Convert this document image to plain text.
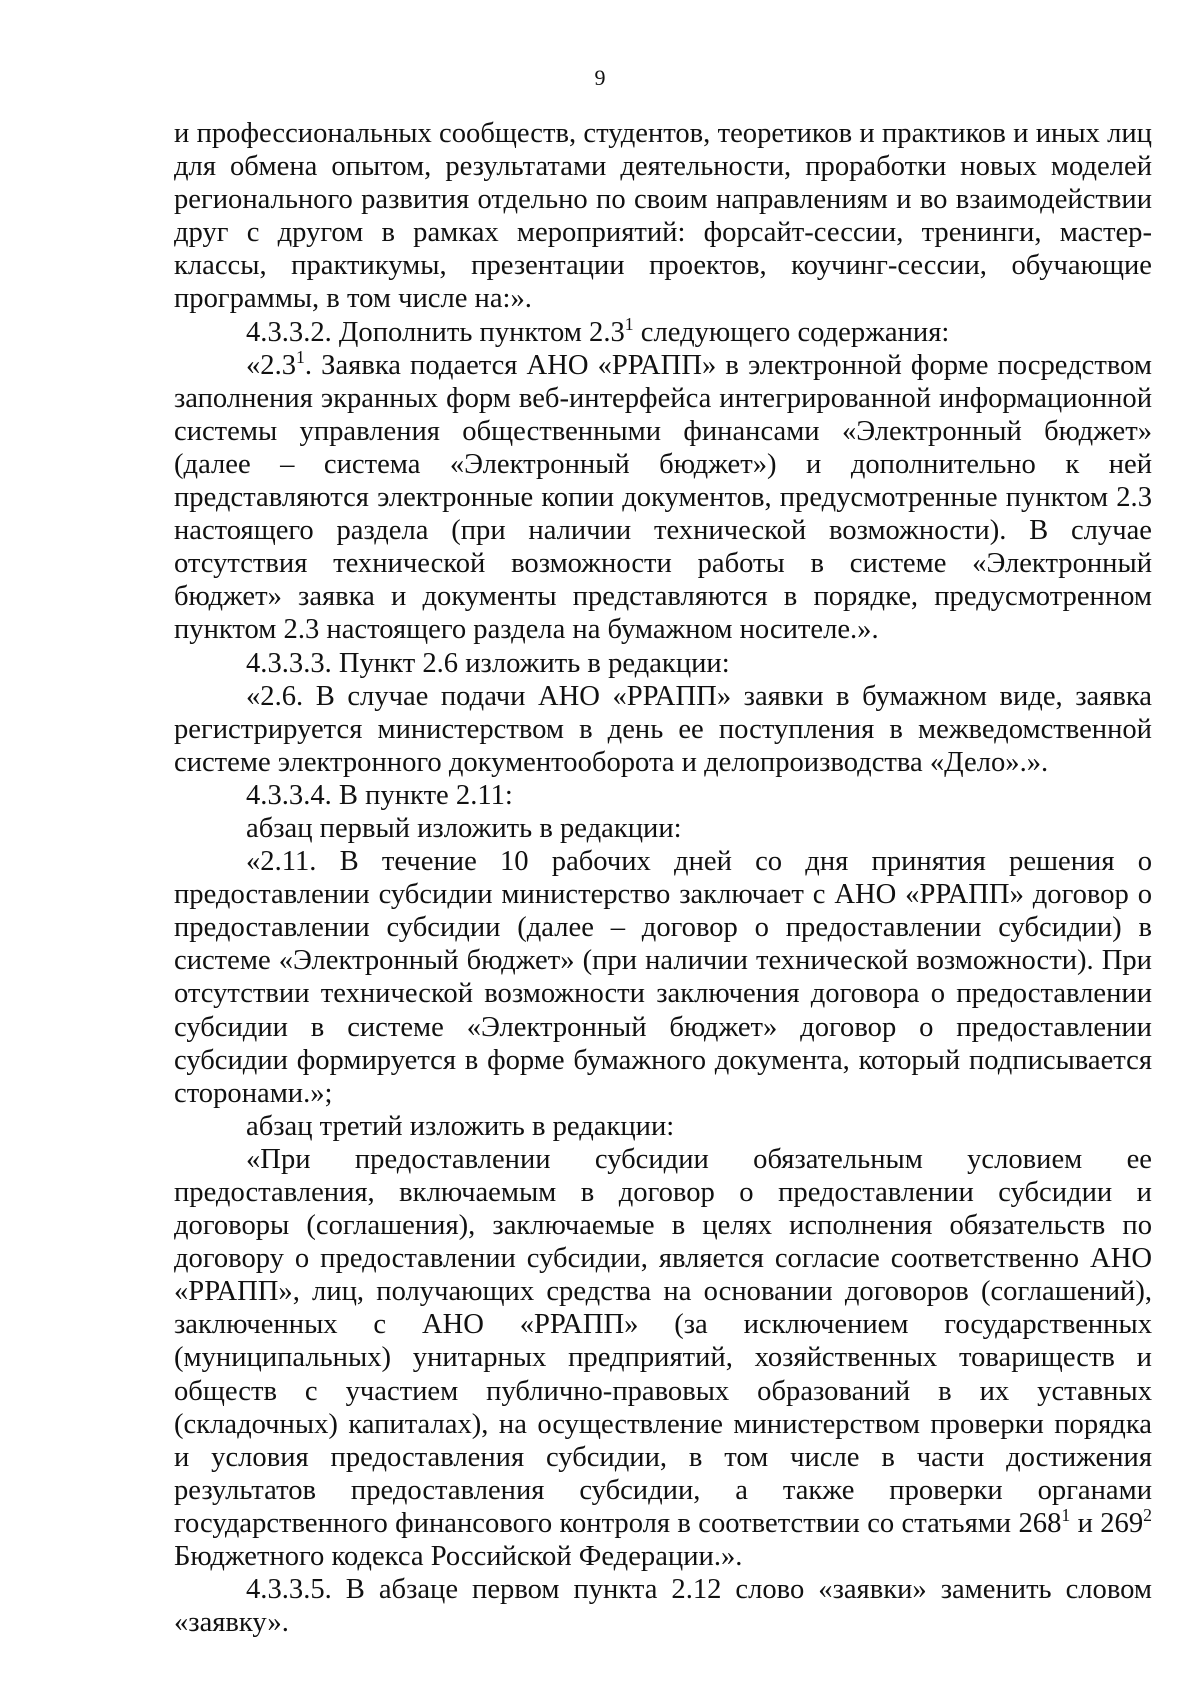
9

и профессиональных сообществ, студентов, теоретиков и практиков и иных лиц для обмена опытом, результатами деятельности, проработки новых моделей регионального развития отдельно по своим направлениям и во взаимодействии друг с другом в рамках мероприятий: форсайт-сессии, тренинги, мастер-классы, практикумы, презентации проектов, коучинг-сессии, обучающие программы, в том числе на:».

4.3.3.2. Дополнить пунктом $2.3^1$ следующего содержания:

«$2.3^1$. Заявка подается АНО «РРАПП» в электронной форме посредством заполнения экранных форм веб-интерфейса интегрированной информационной системы управления общественными финансами «Электронный бюджет» (далее – система «Электронный бюджет») и дополнительно к ней представляются электронные копии документов, предусмотренные пунктом 2.3 настоящего раздела (при наличии технической возможности). В случае отсутствия технической возможности работы в системе «Электронный бюджет» заявка и документы представляются в порядке, предусмотренном пунктом 2.3 настоящего раздела на бумажном носителе.».

4.3.3.3. Пункт 2.6 изложить в редакции:

«2.6. В случае подачи АНО «РРАПП» заявки в бумажном виде, заявка регистрируется министерством в день ее поступления в межведомственной системе электронного документооборота и делопроизводства «Дело».».

4.3.3.4. В пункте 2.11:

абзац первый изложить в редакции:

«2.11. В течение 10 рабочих дней со дня принятия решения о предоставлении субсидии министерство заключает с АНО «РРАПП» договор о предоставлении субсидии (далее – договор о предоставлении субсидии) в системе «Электронный бюджет» (при наличии технической возможности). При отсутствии технической возможности заключения договора о предоставлении субсидии в системе «Электронный бюджет» договор о предоставлении субсидии формируется в форме бумажного документа, который подписывается сторонами.»;

абзац третий изложить в редакции:

«При предоставлении субсидии обязательным условием ее предоставления, включаемым в договор о предоставлении субсидии и договоры (соглашения), заключаемые в целях исполнения обязательств по договору о предоставлении субсидии, является согласие соответственно АНО «РРАПП», лиц, получающих средства на основании договоров (соглашений), заключенных с АНО «РРАПП» (за исключением государственных (муниципальных) унитарных предприятий, хозяйственных товариществ и обществ с участием публично-правовых образований в их уставных (складочных) капиталах), на осуществление министерством проверки порядка и условия предоставления субсидии, в том числе в части достижения результатов предоставления субсидии, а также проверки органами государственного финансового контроля в соответствии со статьями $268^1$ и $269^2$ Бюджетного кодекса Российской Федерации.».

4.3.3.5. В абзаце первом пункта 2.12 слово «заявки» заменить словом «заявку».
